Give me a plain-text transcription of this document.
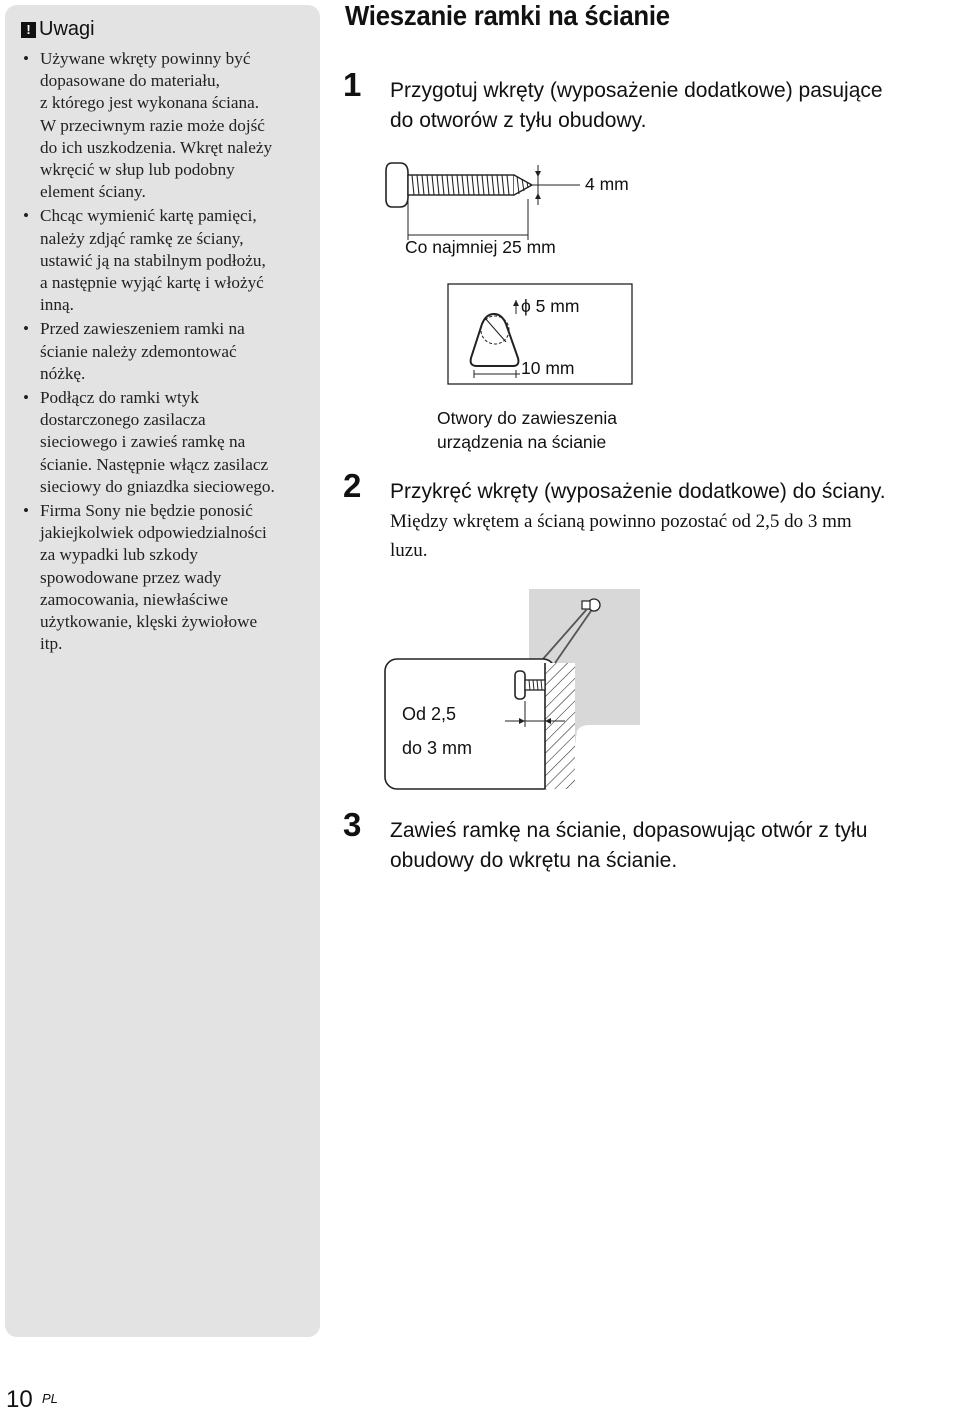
! Uwagi
• Używane wkręty powinny być
dopasowane do materiału,
z którego jest wykonana ściana.
W przeciwnym razie może dojść
do ich uszkodzenia. Wkręt należy
wkręcić w słup lub podobny
element ściany.
• Chcąc wymienić kartę pamięci,
należy zdjąć ramkę ze ściany,
ustawić ją na stabilnym podłożu,
a następnie wyjąć kartę i włożyć
inną.
• Przed zawieszeniem ramki na
ścianie należy zdemontować
nóżkę.
• Podłącz do ramki wtyk
dostarczonego zasilacza
sieciowego i zawieś ramkę na
ścianie. Następnie włącz zasilacz
sieciowy do gniazdka sieciowego.
• Firma Sony nie będzie ponosić
jakiejkolwiek odpowiedzialności
za wypadki lub szkody
spowodowane przez wady
zamocowania, niewłaściwe
użytkowanie, klęski żywiołowe
itp.
Wieszanie ramki na ścianie
1 Przygotuj wkręty (wyposażenie dodatkowe) pasujące
do otworów z tyłu obudowy.

4 mm
Co najmniej 25 mm
ϕ 5 mm
10 mm
Otwory do zawieszenia
urządzenia na ścianie
2 Przykręć wkręty (wyposażenie dodatkowe) do ściany.

Między wkrętem a ścianą powinno pozostać od 2,5 do 3 mm
luzu.

Od 2,5
do 3 mm
3 Zawieś ramkę na ścianie, dopasowując otwór z tyłu
obudowy do wkrętu na ścianie.

10 PL
